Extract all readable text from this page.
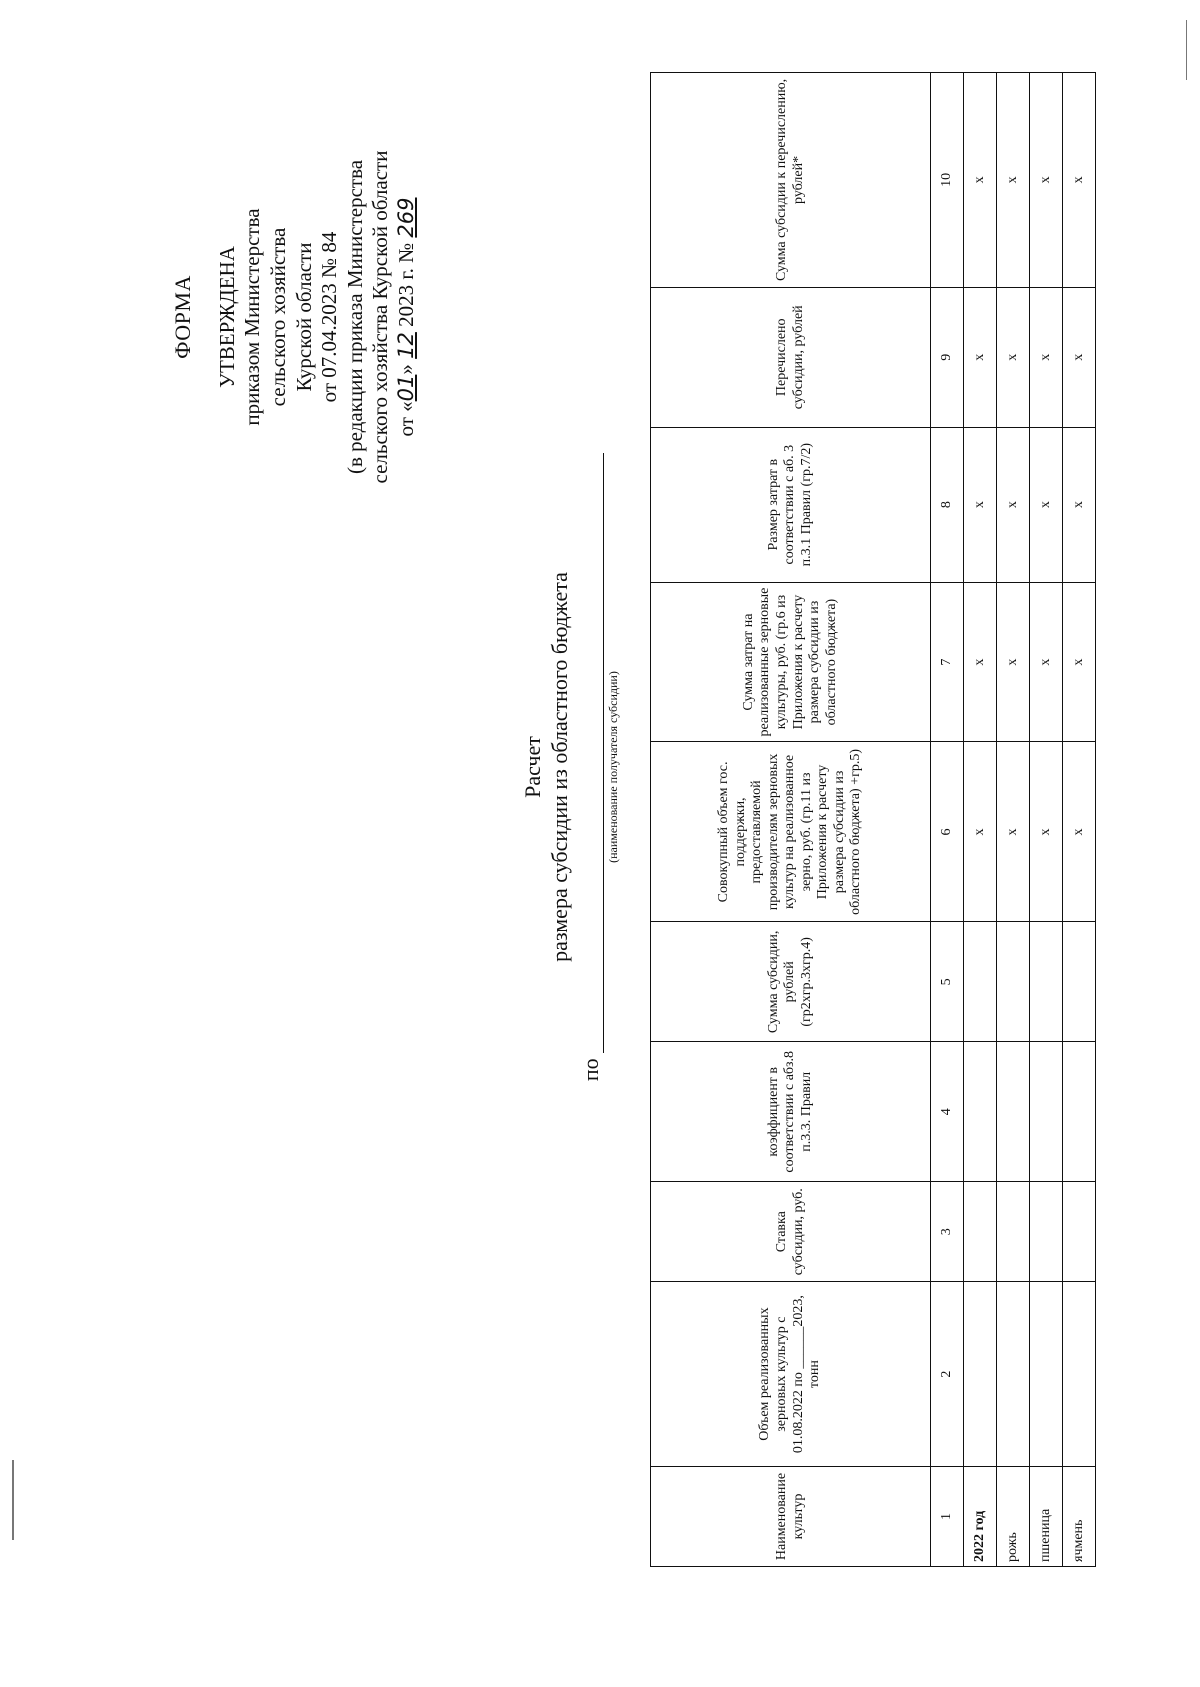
ФОРМА УТВЕРЖДЕНА приказом Министерства сельского хозяйства Курской области от 07.04.2023 № 84 (в редакции приказа Министерства сельского хозяйства Курской области от «01» 12 2023 г. № 269
Расчет размера субсидии из областного бюджета
по
(наименование получателя субсидии)
Наименование культур	Объем реализованных зерновых культур с 01.08.2022 по ______2023, тонн	Ставка субсидии, руб.	коэффициент в соответствии с абз.8 п.3.3. Правил	Сумма субсидии, рублей (гр2хгр.3хгр.4)	Совокупный объем гос. поддержки, предоставляемой производителям зерновых культур на реализованное зерно, руб. (гр.11 из Приложения к расчету размера субсидии из областного бюджета) +гр.5)	Сумма затрат на реализованные зерновые культуры, руб. (гр.6 из Приложения к расчету размера субсидии из областного бюджета)	Размер затрат в соответствии с аб. 3 п.3.1 Правил (гр.7/2)	Перечислено субсидии, рублей	Сумма субсидии к перечислению, рублей*
1	2	3	4	5	6	7	8	9	10
2022 год					х	х	х	х	х
рожь					х	х	х	х	х
пшеница					х	х	х	х	х
ячмень					х	х	х	х	х
